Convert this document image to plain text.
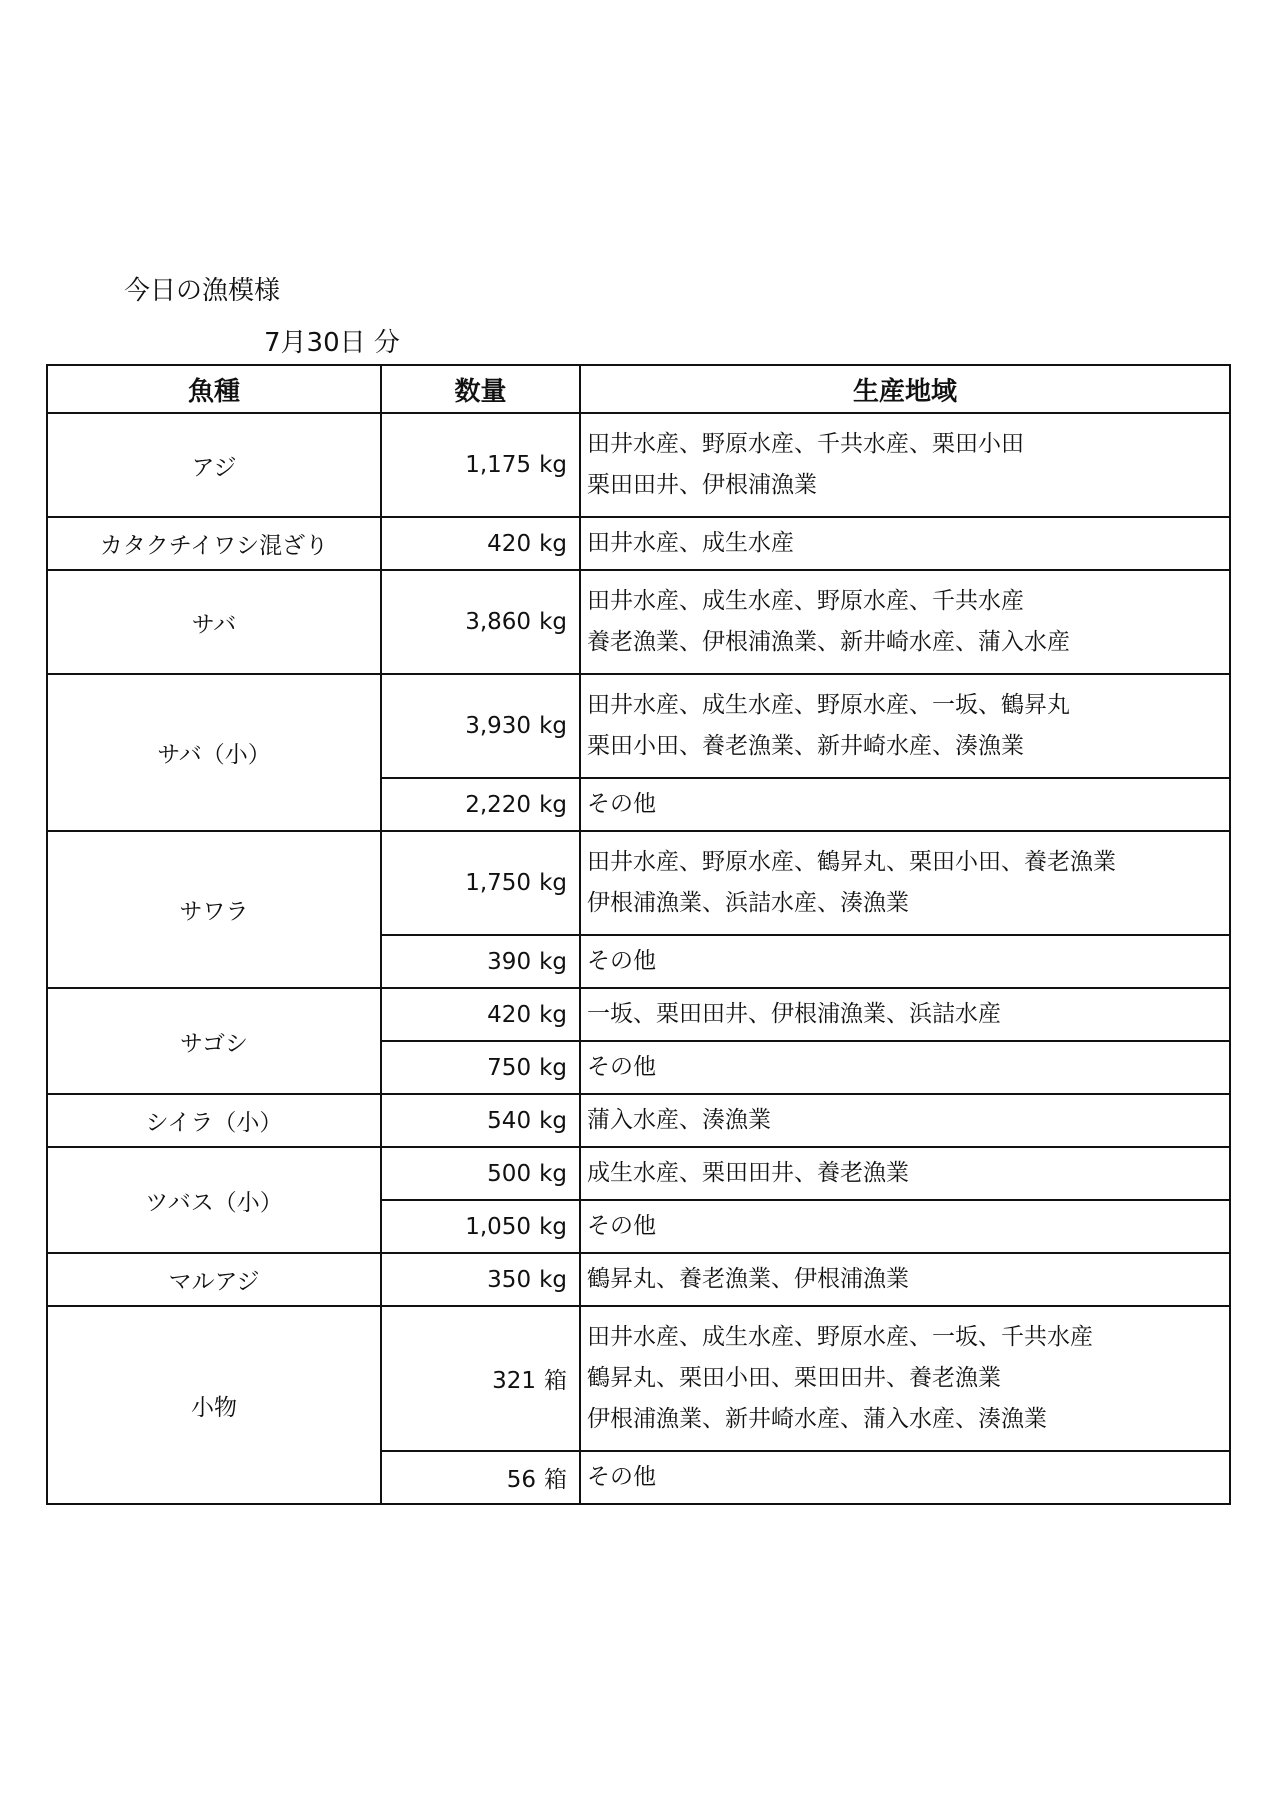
今日の漁模様
7月30日 分
魚種	数量	生産地域
アジ	1,175 kg	田井水産、野原水産、千共水産、栗田小田
栗田田井、伊根浦漁業

カタクチイワシ混ざり	420 kg	田井水産、成生水産

サバ	3,860 kg	田井水産、成生水産、野原水産、千共水産
養老漁業、伊根浦漁業、新井崎水産、蒲入水産

サバ（小）	3,930 kg	田井水産、成生水産、野原水産、一坂、鶴昇丸
栗田小田、養老漁業、新井崎水産、湊漁業

	2,220 kg	その他

サワラ	1,750 kg	田井水産、野原水産、鶴昇丸、栗田小田、養老漁業
伊根浦漁業、浜詰水産、湊漁業

	390 kg	その他

サゴシ	420 kg	一坂、栗田田井、伊根浦漁業、浜詰水産

	750 kg	その他

シイラ（小）	540 kg	蒲入水産、湊漁業

ツバス（小）	500 kg	成生水産、栗田田井、養老漁業

	1,050 kg	その他

マルアジ	350 kg	鶴昇丸、養老漁業、伊根浦漁業

小物	321 箱	田井水産、成生水産、野原水産、一坂、千共水産
鶴昇丸、栗田小田、栗田田井、養老漁業
伊根浦漁業、新井崎水産、蒲入水産、湊漁業

	56 箱	その他
